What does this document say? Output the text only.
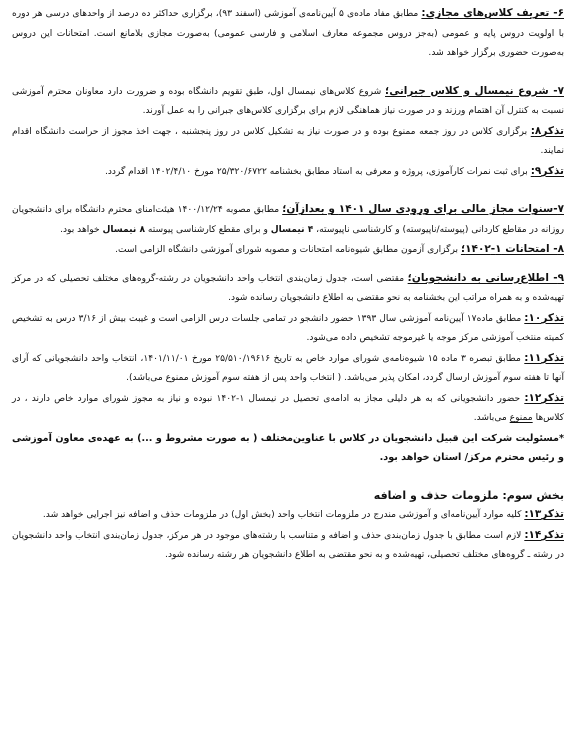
۶- تعریف کلاس‌های مجازی: مطابق مفاد ماده‌ی ۵ آیین‌نامه‌ی آموزشی (اسفند ۹۳)، برگزاری حداکثر ده درصد از واحدهای درسی هر دوره با اولویت دروس پایه و عمومی (به‌جز دروس مجموعه معارف اسلامی و فارسی عمومی) به‌صورت مجازی بلامانع است. امتحانات این دروس به‌صورت حضوری برگزار خواهد شد.

۷- شروع نیمسال و کلاس جبرانی؛ شروع کلاس‌های نیمسال اول، طبق تقویم دانشگاه بوده و ضرورت دارد معاونان محترم آموزشی نسبت به کنترل آن اهتمام ورزند و در صورت نیاز هماهنگی لازم برای برگزاری کلاس‌های جبرانی را به عمل آورند.

تذکر۸: برگزاری کلاس در روز جمعه ممنوع بوده و در صورت نیاز به تشکیل کلاس در روز پنجشنبه ، جهت اخذ مجوز از حراست دانشگاه اقدام نمایند.

تذکر۹: برای ثبت نمرات کارآموزی، پروژه و معرفی به استاد مطابق بخشنامه ۲۵/۳۲۰/۶۷۲۲ مورخ ۱۴۰۲/۴/۱۰ اقدام گردد.

۷-سنوات مجاز مالی برای ورودی سال ۱۴۰۱ و بعدازآن؛ مطابق مصوبه ۱۴۰۰/۱۲/۲۴ هیئت‌امنای محترم دانشگاه برای دانشجویان روزانه در مقاطع کاردانی (پیوسته/ناپیوسته) و کارشناسی ناپیوسته، ۴ نیمسال و برای مقطع کارشناسی پیوسته ۸ نیمسال خواهد بود.

۸- امتحانات ۱-۱۴۰۲؛ برگزاری آزمون مطابق شیوه‌نامه امتحانات و مصوبه شورای آموزشی دانشگاه الزامی است.

۹- اطلاع‌رسانی به دانشجویان؛ مقتضی است، جدول زمان‌بندی انتخاب واحد دانشجویان در رشته-گروه‌های مختلف تحصیلی که در مرکز تهیه‌شده و به همراه مراتب این بخشنامه به نحو مقتضی به اطلاع دانشجویان رسانده شود.

تذکر۱۰: مطابق ماده۱۷ آیین‌نامه آموزشی سال ۱۳۹۳ حضور دانشجو در تمامی جلسات درس الزامی است و غیبت بیش از ۳/۱۶ درس به تشخیص کمیته منتخب آموزشی مرکز موجه یا غیرموجه تشخیص داده می‌شود.

تذکر۱۱: مطابق تبصره ۳ ماده ۱۵ شیوه‌نامه‌ی شورای موارد خاص به تاریخ ۲۵/۵۱۰/۱۹۶۱۶ مورخ ۱۴۰۱/۱۱/۰۱، انتخاب واحد دانشجویانی که آرای آنها تا هفته سوم آموزش ارسال گردد، امکان پذیر می‌باشد. ( انتخاب واحد پس از هفته سوم آموزش ممنوع می‌باشد).

تذکر۱۲: حضور دانشجویانی که به هر دلیلی مجاز به ادامه‌ی تحصیل در نیمسال ۱-۱۴۰۲ نبوده و نیاز به مجوز شورای موارد خاص دارند ، در کلاس‌ها ممنوع می‌باشد.

*مسئولیت شرکت این قبیل دانشجویان در کلاس با عناوین‌مختلف ( به صورت مشروط و ...) به عهده‌ی معاون آموزشی و رئیس محترم مرکز/ استان خواهد بود.

بخش سوم: ملزومات حذف و اضافه

تذکر۱۳: کلیه موارد آیین‌نامه‌ای و آموزشی مندرج در ملزومات انتخاب واحد (بخش اول) در ملزومات حذف و اضافه نیز اجرایی خواهد شد.

تذکر۱۴: لازم است مطابق با جدول زمان‌بندی حذف و اضافه و متناسب با رشته‌های موجود در هر مرکز، جدول زمان‌بندی انتخاب واحد دانشجویان در رشته ـ گروه‌های مختلف تحصیلی، تهیه‌شده و به نحو مقتضی به اطلاع دانشجویان هر رشته رسانده شود.
